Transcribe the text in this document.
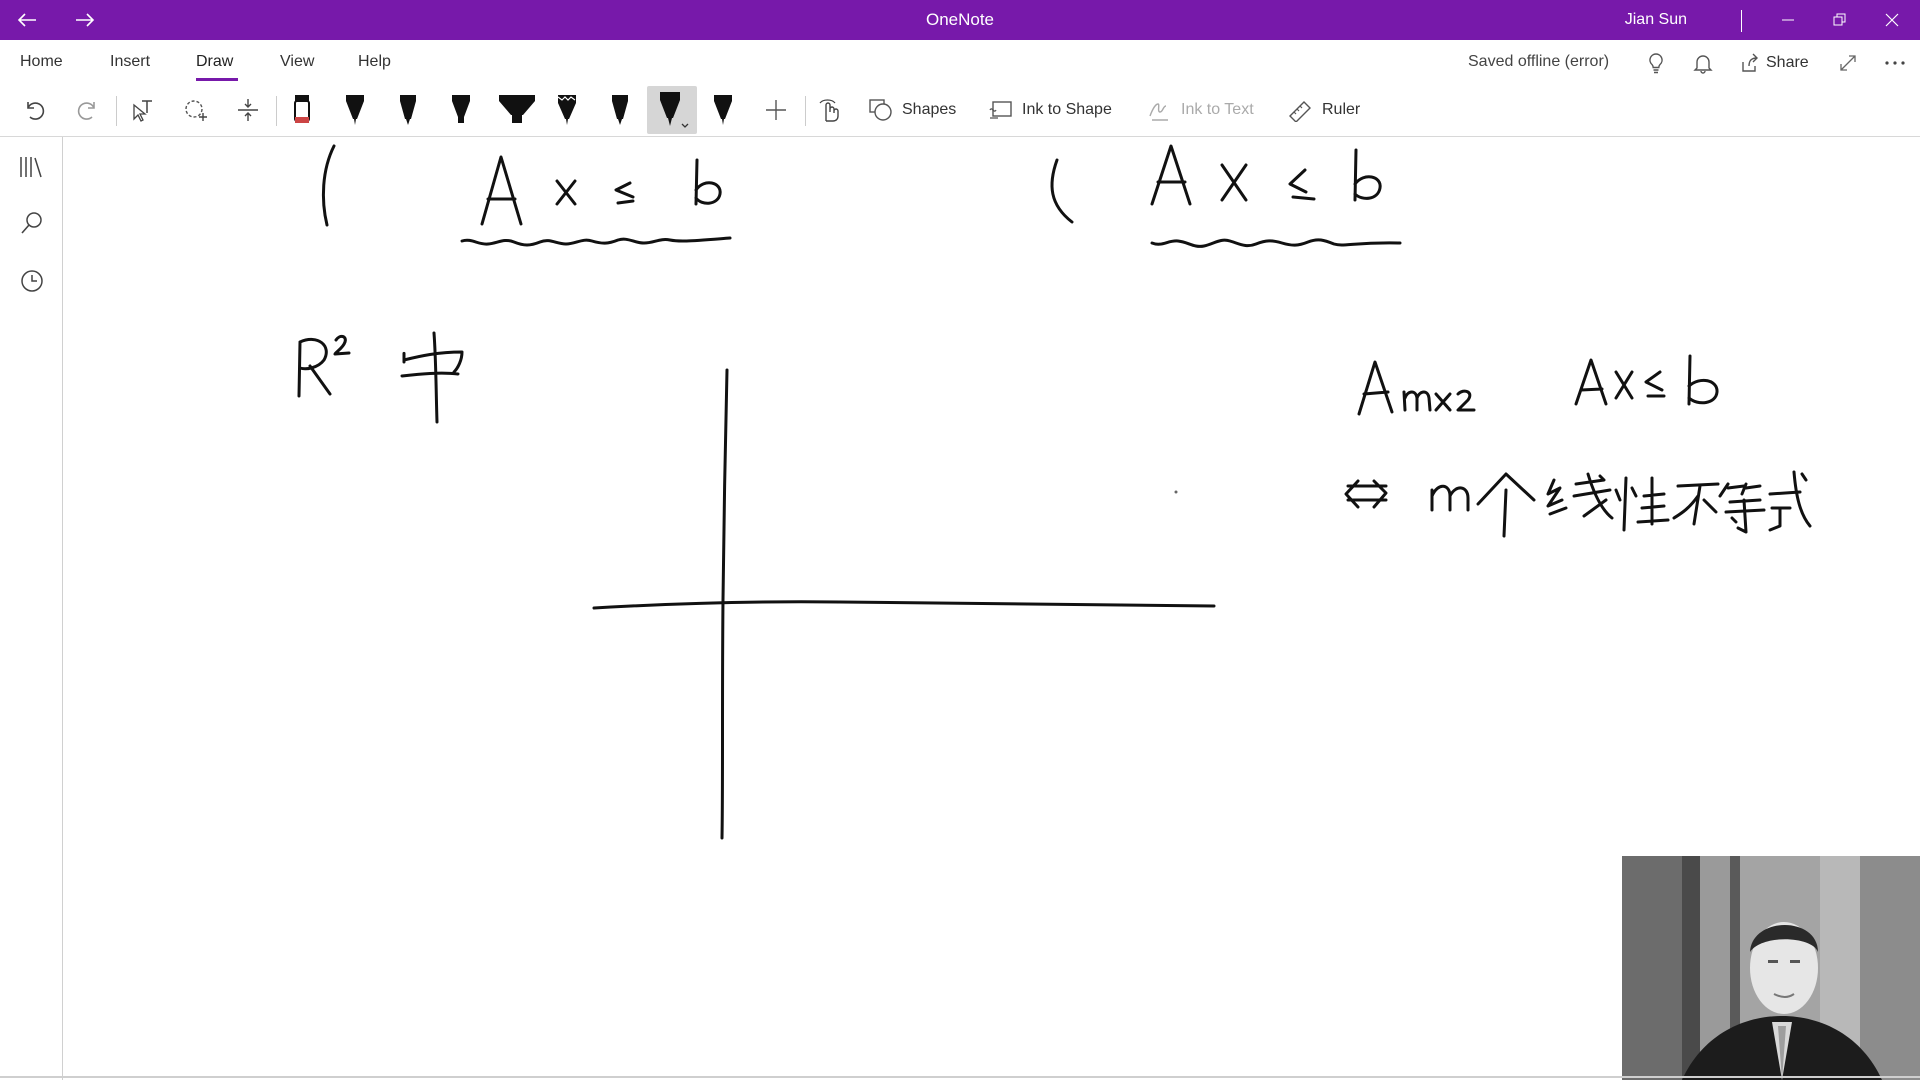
OneNote	Jian Sun
Home	Insert	Draw	View	Help	Saved offline (error)	Share
Shapes	Ink to Shape	Ink to Text	Ruler
